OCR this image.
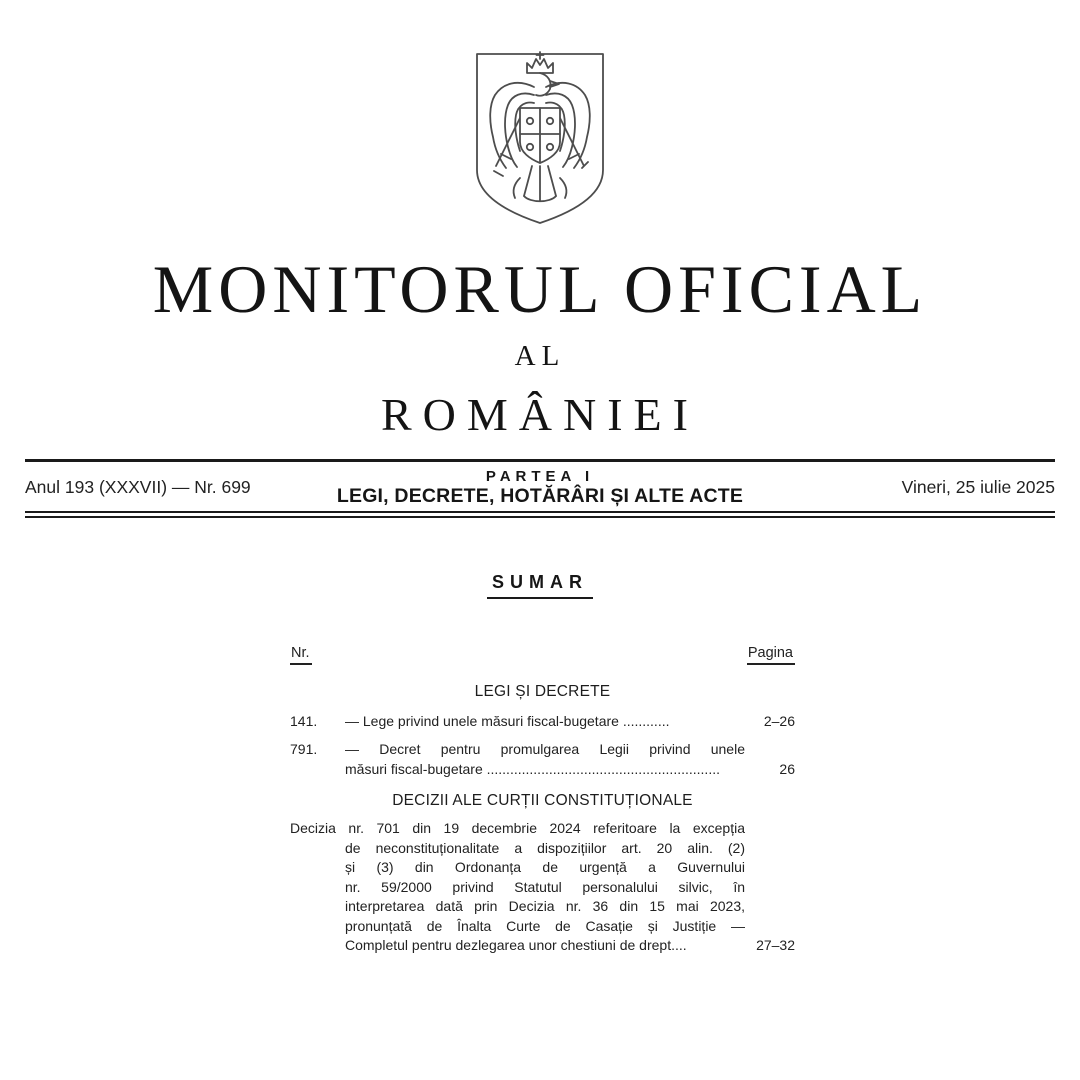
MONITORUL OFICIAL
AL
ROMÂNIEI
Anul 193 (XXXVII) — Nr. 699
PARTEA I
LEGI, DECRETE, HOTĂRÂRI ȘI ALTE ACTE	Vineri, 25 iulie 2025
SUMAR
Nr.	Pagina
LEGI ȘI DECRETE
141.	— Lege privind unele măsuri fiscal-bugetare ............	2–26
791.	— Decret pentru promulgarea Legii privind unele
măsuri fiscal-bugetare ............................................................	26
DECIZII ALE CURȚII CONSTITUȚIONALE
Decizia nr. 701 din 19 decembrie 2024 referitoare la excepția
de neconstituționalitate a dispozițiilor art. 20 alin. (2)
și (3) din Ordonanța de urgență a Guvernului
nr. 59/2000 privind Statutul personalului silvic, în
interpretarea dată prin Decizia nr. 36 din 15 mai 2023,
pronunțată de Înalta Curte de Casație și Justiție —
Completul pentru dezlegarea unor chestiuni de drept....	27–32
